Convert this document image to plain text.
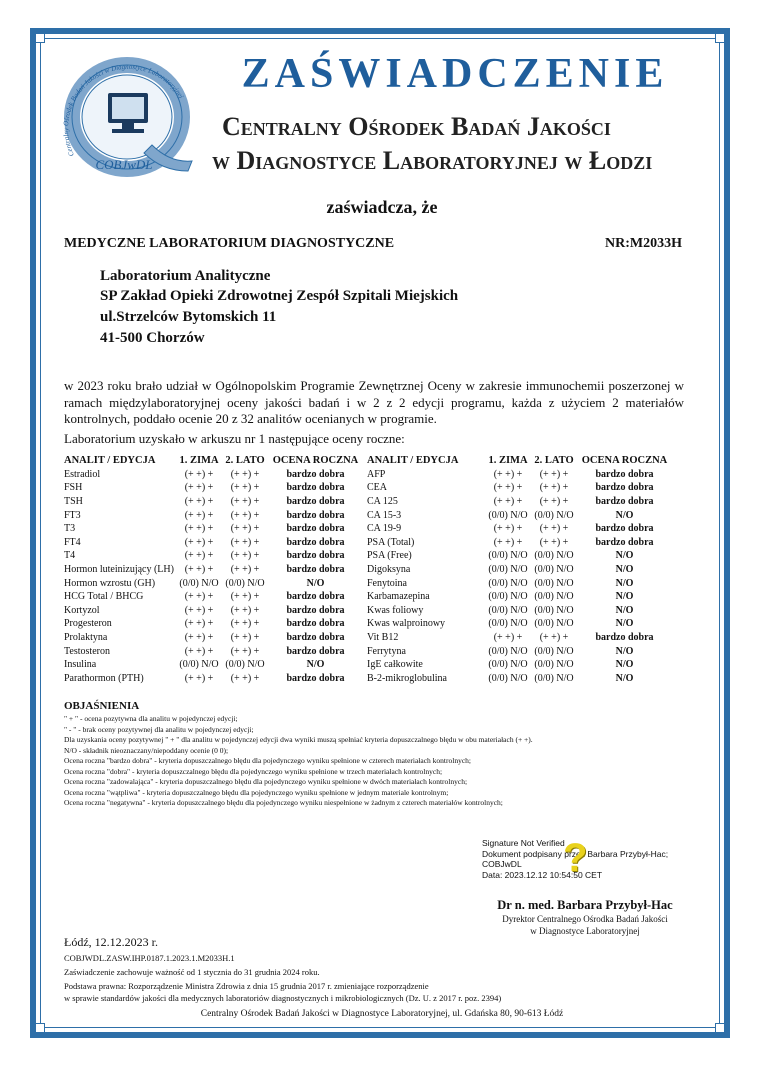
Centralny Ośrodek Badań Jakości w Diagnostyce Laboratoryjnej
COBJwDL
ZAŚWIADCZENIE
Centralny Ośrodek Badań Jakości
w Diagnostyce Laboratoryjnej w Łodzi
zaświadcza, że
MEDYCZNE LABORATORIUM DIAGNOSTYCZNE	NR:M2033H
Laboratorium Analityczne
SP Zakład Opieki Zdrowotnej Zespół Szpitali Miejskich
ul.Strzelców Bytomskich 11
41-500 Chorzów
w 2023 roku brało udział w Ogólnopolskim Programie Zewnętrznej Oceny w zakresie immunochemii poszerzonej w ramach międzylaboratoryjnej oceny jakości badań i w 2 z 2 edycji programu, każda z użyciem 2 materiałów kontrolnych, poddało ocenie 20 z 32 analitów ocenianych w programie.
Laboratorium uzyskało w arkuszu nr 1 następujące oceny roczne:
ANALIT / EDYCJA	1. ZIMA	2. LATO	OCENA ROCZNA	ANALIT / EDYCJA	1. ZIMA	2. LATO	OCENA ROCZNA
Estradiol	(+ +) +	(+ +) +	bardzo dobra	AFP	(+ +) +	(+ +) +	bardzo dobra
FSH	(+ +) +	(+ +) +	bardzo dobra	CEA	(+ +) +	(+ +) +	bardzo dobra
TSH	(+ +) +	(+ +) +	bardzo dobra	CA 125	(+ +) +	(+ +) +	bardzo dobra
FT3	(+ +) +	(+ +) +	bardzo dobra	CA 15-3	(0/0) N/O	(0/0) N/O	N/O
T3	(+ +) +	(+ +) +	bardzo dobra	CA 19-9	(+ +) +	(+ +) +	bardzo dobra
FT4	(+ +) +	(+ +) +	bardzo dobra	PSA (Total)	(+ +) +	(+ +) +	bardzo dobra
T4	(+ +) +	(+ +) +	bardzo dobra	PSA (Free)	(0/0) N/O	(0/0) N/O	N/O
Hormon luteinizujący (LH)	(+ +) +	(+ +) +	bardzo dobra	Digoksyna	(0/0) N/O	(0/0) N/O	N/O
Hormon wzrostu (GH)	(0/0) N/O	(0/0) N/O	N/O	Fenytoina	(0/0) N/O	(0/0) N/O	N/O
HCG Total / BHCG	(+ +) +	(+ +) +	bardzo dobra	Karbamazepina	(0/0) N/O	(0/0) N/O	N/O
Kortyzol	(+ +) +	(+ +) +	bardzo dobra	Kwas foliowy	(0/0) N/O	(0/0) N/O	N/O
Progesteron	(+ +) +	(+ +) +	bardzo dobra	Kwas walproinowy	(0/0) N/O	(0/0) N/O	N/O
Prolaktyna	(+ +) +	(+ +) +	bardzo dobra	Vit B12	(+ +) +	(+ +) +	bardzo dobra
Testosteron	(+ +) +	(+ +) +	bardzo dobra	Ferrytyna	(0/0) N/O	(0/0) N/O	N/O
Insulina	(0/0) N/O	(0/0) N/O	N/O	IgE całkowite	(0/0) N/O	(0/0) N/O	N/O
Parathormon (PTH)	(+ +) +	(+ +) +	bardzo dobra	B-2-mikroglobulina	(0/0) N/O	(0/0) N/O	N/O
OBJAŚNIENIA
" + " - ocena pozytywna dla analitu w pojedynczej edycji;
" - " - brak oceny pozytywnej dla analitu w pojedynczej edycji;
Dla uzyskania oceny pozytywnej " + " dla analitu w pojedynczej edycji dwa wyniki muszą spełniać kryteria dopuszczalnego błędu w obu materiałach (+ +).
N/O - składnik nieoznaczany/niepoddany ocenie (0 0);
Ocena roczna "bardzo dobra" - kryteria dopuszczalnego błędu dla pojedynczego wyniku spełnione w czterech materiałach kontrolnych;
Ocena roczna "dobra" - kryteria dopuszczalnego błędu dla pojedynczego wyniku spełnione w trzech materiałach kontrolnych;
Ocena roczna "zadowalająca" - kryteria dopuszczalnego błędu dla pojedynczego wyniku spełnione w dwóch materiałach kontrolnych;
Ocena roczna "wątpliwa" - kryteria dopuszczalnego błędu dla pojedynczego wyniku spełnione w jednym materiale kontrolnym;
Ocena roczna "negatywna" - kryteria dopuszczalnego błędu dla pojedynczego wyniku niespełnione w żadnym z czterech materiałów kontrolnych;
Signature Not Verified
Dokument podpisany przez Barbara Przybył-Hac;
COBJwDL
Data: 2023.12.12 10:54:50 CET
?
Dr n. med. Barbara Przybył-Hac
Dyrektor Centralnego Ośrodka Badań Jakości
w Diagnostyce Laboratoryjnej
Łódź, 12.12.2023 r.
COBJWDL.ZASW.IHP.0187.1.2023.1.M2033H.1
Zaświadczenie zachowuje ważność od 1 stycznia do 31 grudnia 2024 roku.
Podstawa prawna: Rozporządzenie Ministra Zdrowia z dnia 15 grudnia 2017 r. zmieniające rozporządzenie
w sprawie standardów jakości dla medycznych laboratoriów diagnostycznych i mikrobiologicznych (Dz. U. z 2017 r. poz. 2394)
Centralny Ośrodek Badań Jakości w Diagnostyce Laboratoryjnej, ul. Gdańska 80, 90-613 Łódź
